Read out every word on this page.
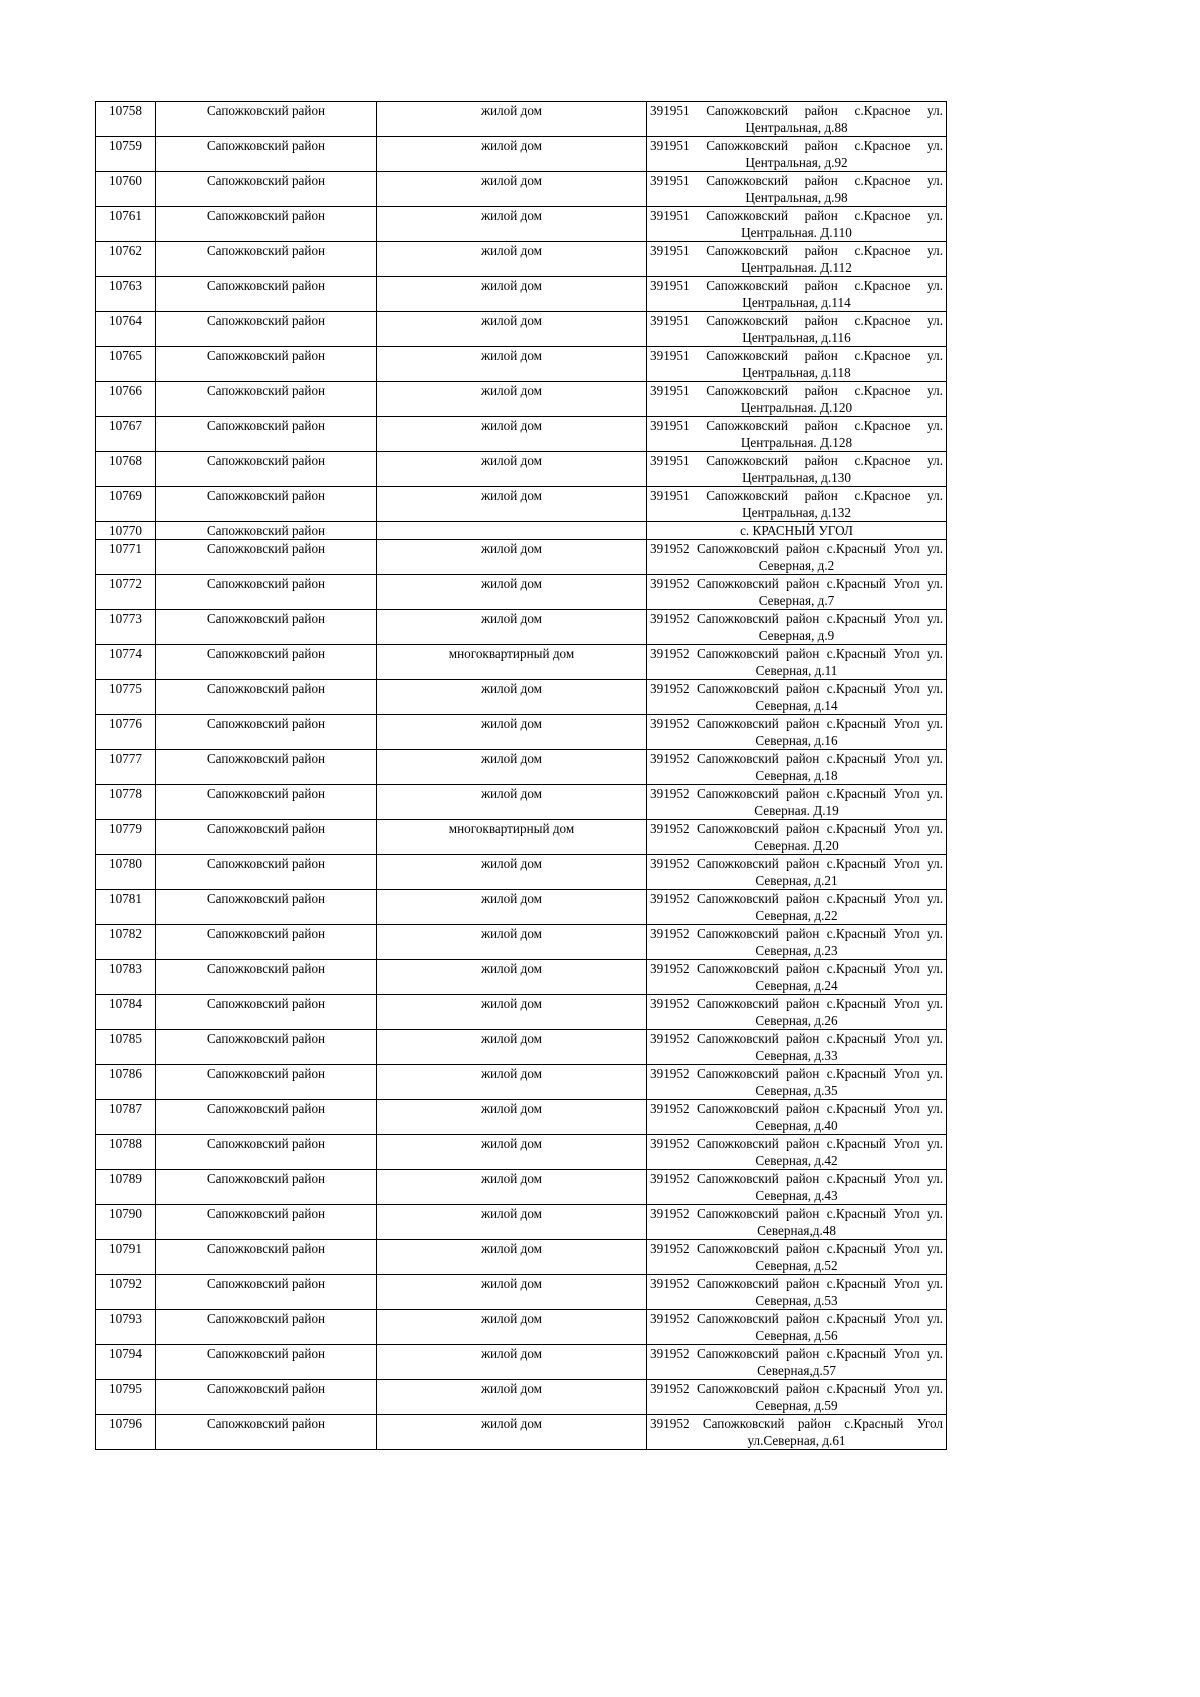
10758	Сапожковский район	жилой дом	391951 Сапожковский район с.Красное ул.
Центральная, д.88

10759	Сапожковский район	жилой дом	391951 Сапожковский район с.Красное ул.
Центральная, д.92

10760	Сапожковский район	жилой дом	391951 Сапожковский район с.Красное ул.
Центральная, д.98

10761	Сапожковский район	жилой дом	391951 Сапожковский район с.Красное ул.
Центральная. Д.110

10762	Сапожковский район	жилой дом	391951 Сапожковский район с.Красное ул.
Центральная. Д.112

10763	Сапожковский район	жилой дом	391951 Сапожковский район с.Красное ул.
Центральная, д.114

10764	Сапожковский район	жилой дом	391951 Сапожковский район с.Красное ул.
Центральная, д.116

10765	Сапожковский район	жилой дом	391951 Сапожковский район с.Красное ул.
Центральная, д.118

10766	Сапожковский район	жилой дом	391951 Сапожковский район с.Красное ул.
Центральная. Д.120

10767	Сапожковский район	жилой дом	391951 Сапожковский район с.Красное ул.
Центральная. Д.128

10768	Сапожковский район	жилой дом	391951 Сапожковский район с.Красное ул.
Центральная, д.130

10769	Сапожковский район	жилой дом	391951 Сапожковский район с.Красное ул.
Центральная, д.132

10770	Сапожковский район		с. КРАСНЫЙ УГОЛ

10771	Сапожковский район	жилой дом	391952 Сапожковский район с.Красный Угол ул.
Северная, д.2

10772	Сапожковский район	жилой дом	391952 Сапожковский район с.Красный Угол ул.
Северная, д.7

10773	Сапожковский район	жилой дом	391952 Сапожковский район с.Красный Угол ул.
Северная, д.9

10774	Сапожковский район	многоквартирный дом	391952 Сапожковский район с.Красный Угол ул.
Северная, д.11

10775	Сапожковский район	жилой дом	391952 Сапожковский район с.Красный Угол ул.
Северная, д.14

10776	Сапожковский район	жилой дом	391952 Сапожковский район с.Красный Угол ул.
Северная, д.16

10777	Сапожковский район	жилой дом	391952 Сапожковский район с.Красный Угол ул.
Северная, д.18

10778	Сапожковский район	жилой дом	391952 Сапожковский район с.Красный Угол ул.
Северная. Д.19

10779	Сапожковский район	многоквартирный дом	391952 Сапожковский район с.Красный Угол ул.
Северная. Д.20

10780	Сапожковский район	жилой дом	391952 Сапожковский район с.Красный Угол ул.
Северная, д.21

10781	Сапожковский район	жилой дом	391952 Сапожковский район с.Красный Угол ул.
Северная, д.22

10782	Сапожковский район	жилой дом	391952 Сапожковский район с.Красный Угол ул.
Северная, д.23

10783	Сапожковский район	жилой дом	391952 Сапожковский район с.Красный Угол ул.
Северная, д.24

10784	Сапожковский район	жилой дом	391952 Сапожковский район с.Красный Угол ул.
Северная, д.26

10785	Сапожковский район	жилой дом	391952 Сапожковский район с.Красный Угол ул.
Северная, д.33

10786	Сапожковский район	жилой дом	391952 Сапожковский район с.Красный Угол ул.
Северная, д.35

10787	Сапожковский район	жилой дом	391952 Сапожковский район с.Красный Угол ул.
Северная, д.40

10788	Сапожковский район	жилой дом	391952 Сапожковский район с.Красный Угол ул.
Северная, д.42

10789	Сапожковский район	жилой дом	391952 Сапожковский район с.Красный Угол ул.
Северная, д.43

10790	Сапожковский район	жилой дом	391952 Сапожковский район с.Красный Угол ул.
Северная,д.48

10791	Сапожковский район	жилой дом	391952 Сапожковский район с.Красный Угол ул.
Северная, д.52

10792	Сапожковский район	жилой дом	391952 Сапожковский район с.Красный Угол ул.
Северная, д.53

10793	Сапожковский район	жилой дом	391952 Сапожковский район с.Красный Угол ул.
Северная, д.56

10794	Сапожковский район	жилой дом	391952 Сапожковский район с.Красный Угол ул.
Северная,д.57

10795	Сапожковский район	жилой дом	391952 Сапожковский район с.Красный Угол ул.
Северная, д.59

10796	Сапожковский район	жилой дом	391952 Сапожковский район с.Красный Угол
ул.Северная, д.61
